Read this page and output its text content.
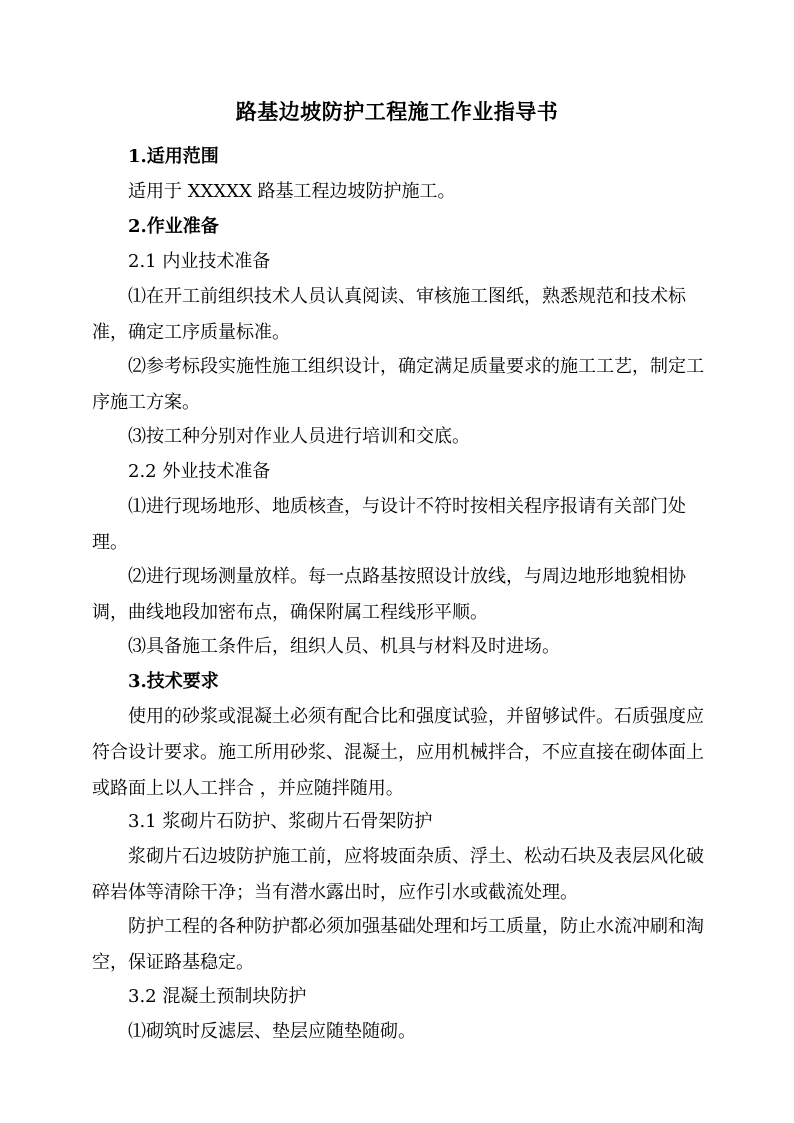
路基边坡防护工程施工作业指导书
1.适用范围
适用于 XXXXX 路基工程边坡防护施工。
2.作业准备
2.1 内业技术准备
⑴在开工前组织技术人员认真阅读、审核施工图纸，熟悉规范和技术标准，确定工序质量标准。
⑵参考标段实施性施工组织设计，确定满足质量要求的施工工艺，制定工序施工方案。
⑶按工种分别对作业人员进行培训和交底。
2.2 外业技术准备
⑴进行现场地形、地质核查，与设计不符时按相关程序报请有关部门处理。
⑵进行现场测量放样。每一点路基按照设计放线，与周边地形地貌相协调，曲线地段加密布点，确保附属工程线形平顺。
⑶具备施工条件后，组织人员、机具与材料及时进场。
3.技术要求
使用的砂浆或混凝土必须有配合比和强度试验，并留够试件。石质强度应符合设计要求。施工所用砂浆、混凝土，应用机械拌合，不应直接在砌体面上或路面上以人工拌合 ，并应随拌随用。
3.1 浆砌片石防护、浆砌片石骨架防护
浆砌片石边坡防护施工前，应将坡面杂质、浮土、松动石块及表层风化破碎岩体等清除干净；当有潜水露出时，应作引水或截流处理。
防护工程的各种防护都必须加强基础处理和圬工质量，防止水流冲刷和淘空，保证路基稳定。
3.2 混凝土预制块防护
⑴砌筑时反滤层、垫层应随垫随砌。
